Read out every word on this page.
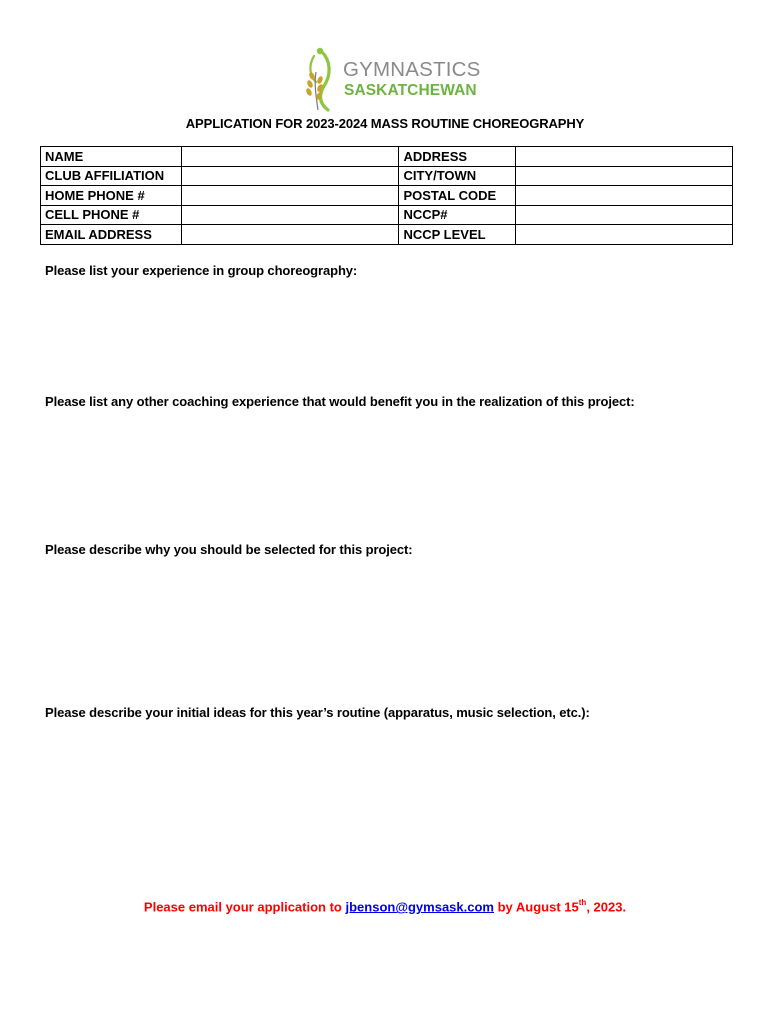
GYMNASTICS
SASKATCHEWAN
APPLICATION FOR 2023-2024 MASS ROUTINE CHOREOGRAPHY
NAME		ADDRESS	
CLUB AFFILIATION		CITY/TOWN	
HOME PHONE #		POSTAL CODE	
CELL PHONE #		NCCP#	
EMAIL ADDRESS		NCCP LEVEL	
Please list your experience in group choreography:
Please list any other coaching experience that would benefit you in the realization of this project:
Please describe why you should be selected for this project:
Please describe your initial ideas for this year’s routine (apparatus, music selection, etc.):
Please email your application to jbenson@gymsask.com by August 15th, 2023.
